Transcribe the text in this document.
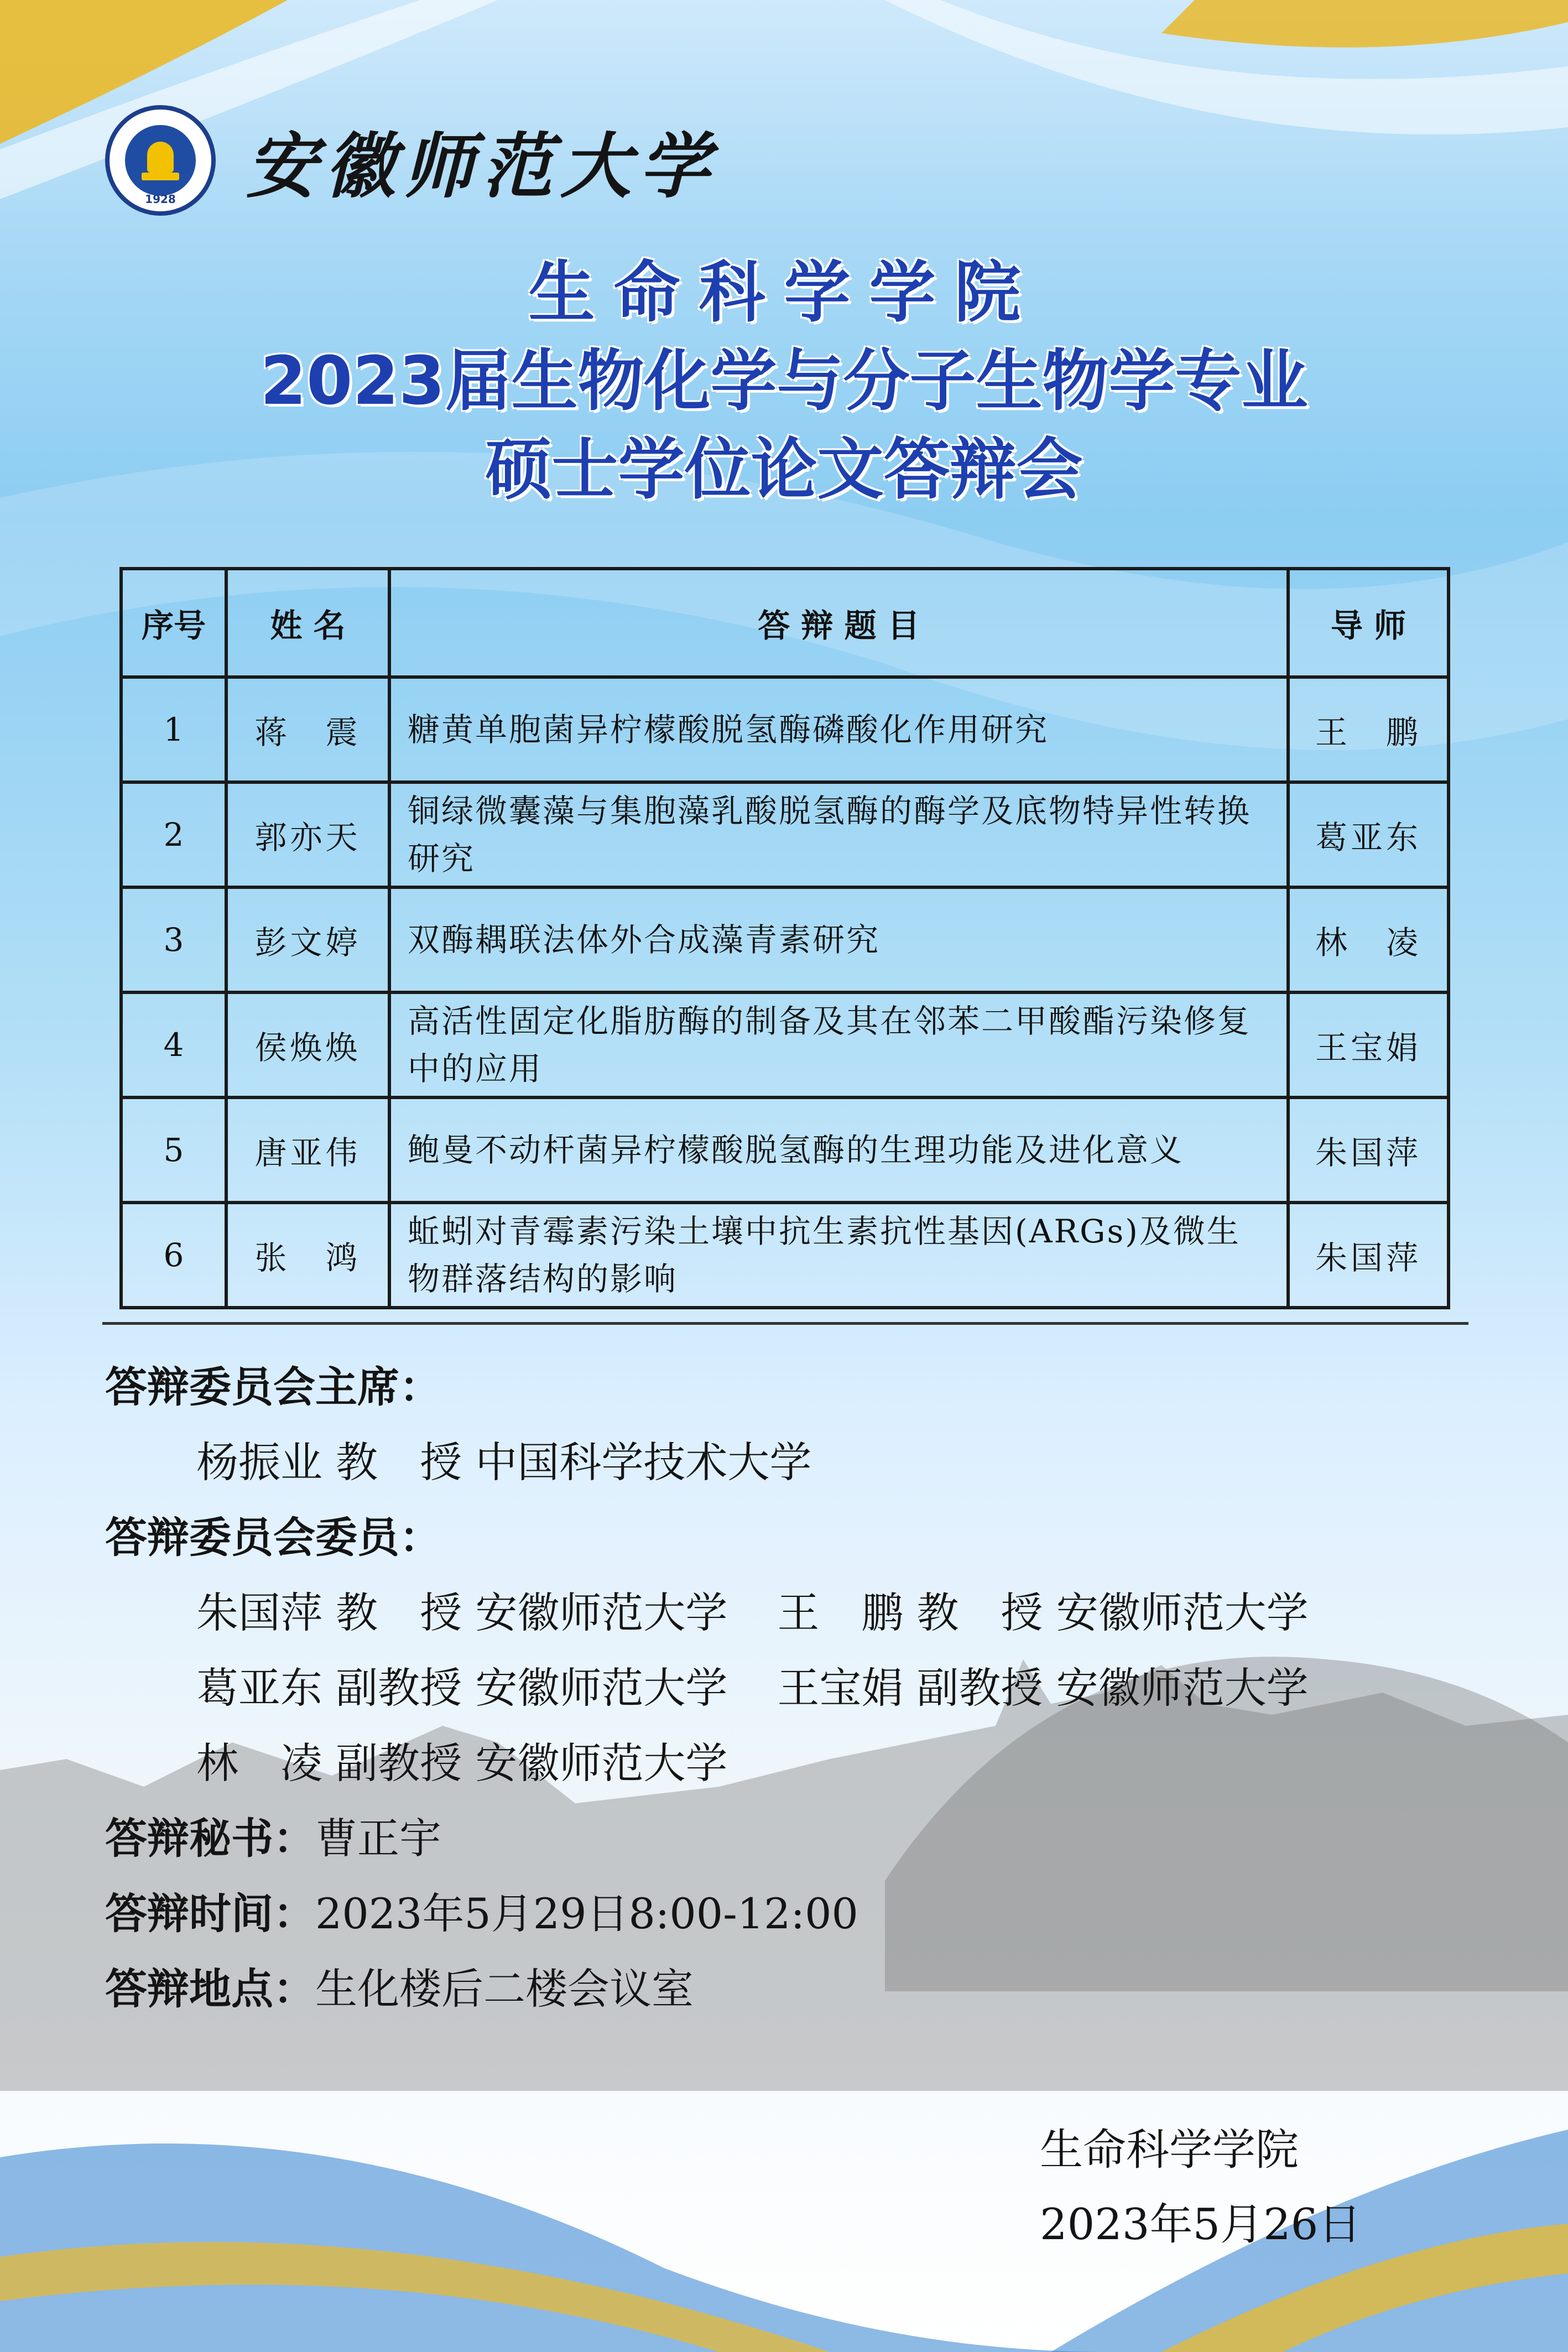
1928 安徽师范大学
生命科学学院
2023届生物化学与分子生物学专业
硕士学位论文答辩会
序号	姓 名	答 辩 题 目	导 师
1	蒋　震	糖黄单胞菌异柠檬酸脱氢酶磷酸化作用研究	王　鹏
2	郭亦天	铜绿微囊藻与集胞藻乳酸脱氢酶的酶学及底物特异性转换研究	葛亚东
3	彭文婷	双酶耦联法体外合成藻青素研究	林　凌
4	侯焕焕	高活性固定化脂肪酶的制备及其在邻苯二甲酸酯污染修复中的应用	王宝娟
5	唐亚伟	鲍曼不动杆菌异柠檬酸脱氢酶的生理功能及进化意义	朱国萍
6	张　鸿	蚯蚓对青霉素污染土壤中抗生素抗性基因(ARGs)及微生物群落结构的影响	朱国萍
答辩委员会主席：
杨振业 教　授 中国科学技术大学
答辩委员会委员：
朱国萍 教　授 安徽师范大学 王　鹏 教　授 安徽师范大学
葛亚东 副教授 安徽师范大学 王宝娟 副教授 安徽师范大学
林　凌 副教授 安徽师范大学
答辩秘书：曹正宇
答辩时间：2023年5月29日8:00-12:00
答辩地点：生化楼后二楼会议室
生命科学学院
2023年5月26日
